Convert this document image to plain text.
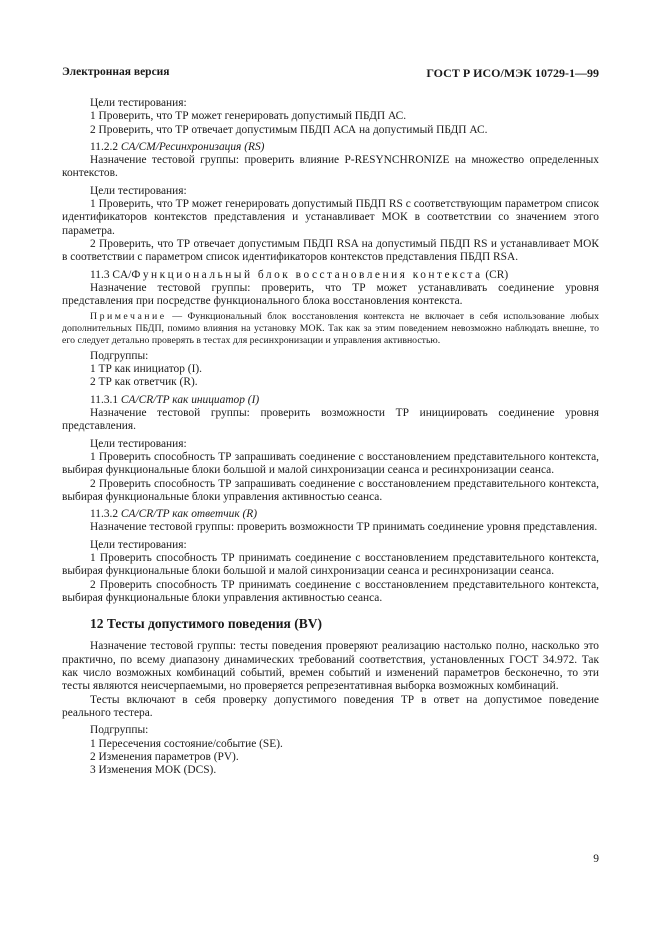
Электронная версия	ГОСТ Р ИСО/МЭК 10729-1—99

Цели тестирования:

1 Проверить, что ТР может генерировать допустимый ПБДП АС.

2 Проверить, что ТР отвечает допустимым ПБДП АСА на допустимый ПБДП АС.

11.2.2 CA/CM/Ресинхронизация (RS)

Назначение тестовой группы: проверить влияние P-RESYNCHRONIZE на множество определенных контекстов.

Цели тестирования:

1 Проверить, что ТР может генерировать допустимый ПБДП RS с соответствующим параметром список идентификаторов контекстов представления и устанавливает МОК в соответствии со значением этого параметра.

2 Проверить, что ТР отвечает допустимым ПБДП RSA на допустимый ПБДП RS и устанавливает МОК в соответствии с параметром список идентификаторов контекстов представления ПБДП RSA.

11.3 CA/Функциональный блок восстановления контекста (CR)

Назначение тестовой группы: проверить, что ТР может устанавливать соединение уровня представления при посредстве функционального блока восстановления контекста.

Примечание — Функциональный блок восстановления контекста не включает в себя использование любых дополнительных ПБДП, помимо влияния на установку МОК. Так как за этим поведением невозможно наблюдать внешне, то его следует детально проверять в тестах для ресинхронизации и управления активностью.

Подгруппы:

1 ТР как инициатор (I).

2 ТР как ответчик (R).

11.3.1 CA/CR/TP как инициатор (I)

Назначение тестовой группы: проверить возможности ТР инициировать соединение уровня представления.

Цели тестирования:

1 Проверить способность ТР запрашивать соединение с восстановлением представительного контекста, выбирая функциональные блоки большой и малой синхронизации сеанса и ресинхронизации сеанса.

2 Проверить способность ТР запрашивать соединение с восстановлением представительного контекста, выбирая функциональные блоки управления активностью сеанса.

11.3.2 CA/CR/TP как ответчик (R)

Назначение тестовой группы: проверить возможности ТР принимать соединение уровня представления.

Цели тестирования:

1 Проверить способность ТР принимать соединение с восстановлением представительного контекста, выбирая функциональные блоки большой и малой синхронизации сеанса и ресинхронизации сеанса.

2 Проверить способность ТР принимать соединение с восстановлением представительного контекста, выбирая функциональные блоки управления активностью сеанса.

12 Тесты допустимого поведения (BV)

Назначение тестовой группы: тесты поведения проверяют реализацию настолько полно, насколько это практично, по всему диапазону динамических требований соответствия, установленных ГОСТ 34.972. Так как число возможных комбинаций событий, времен событий и изменений параметров бесконечно, то эти тесты являются неисчерпаемыми, но проверяется репрезентативная выборка возможных комбинаций.

Тесты включают в себя проверку допустимого поведения ТР в ответ на допустимое поведение реального тестера.

Подгруппы:

1 Пересечения состояние/событие (SE).

2 Изменения параметров (PV).

3 Изменения МОК (DCS).

9
